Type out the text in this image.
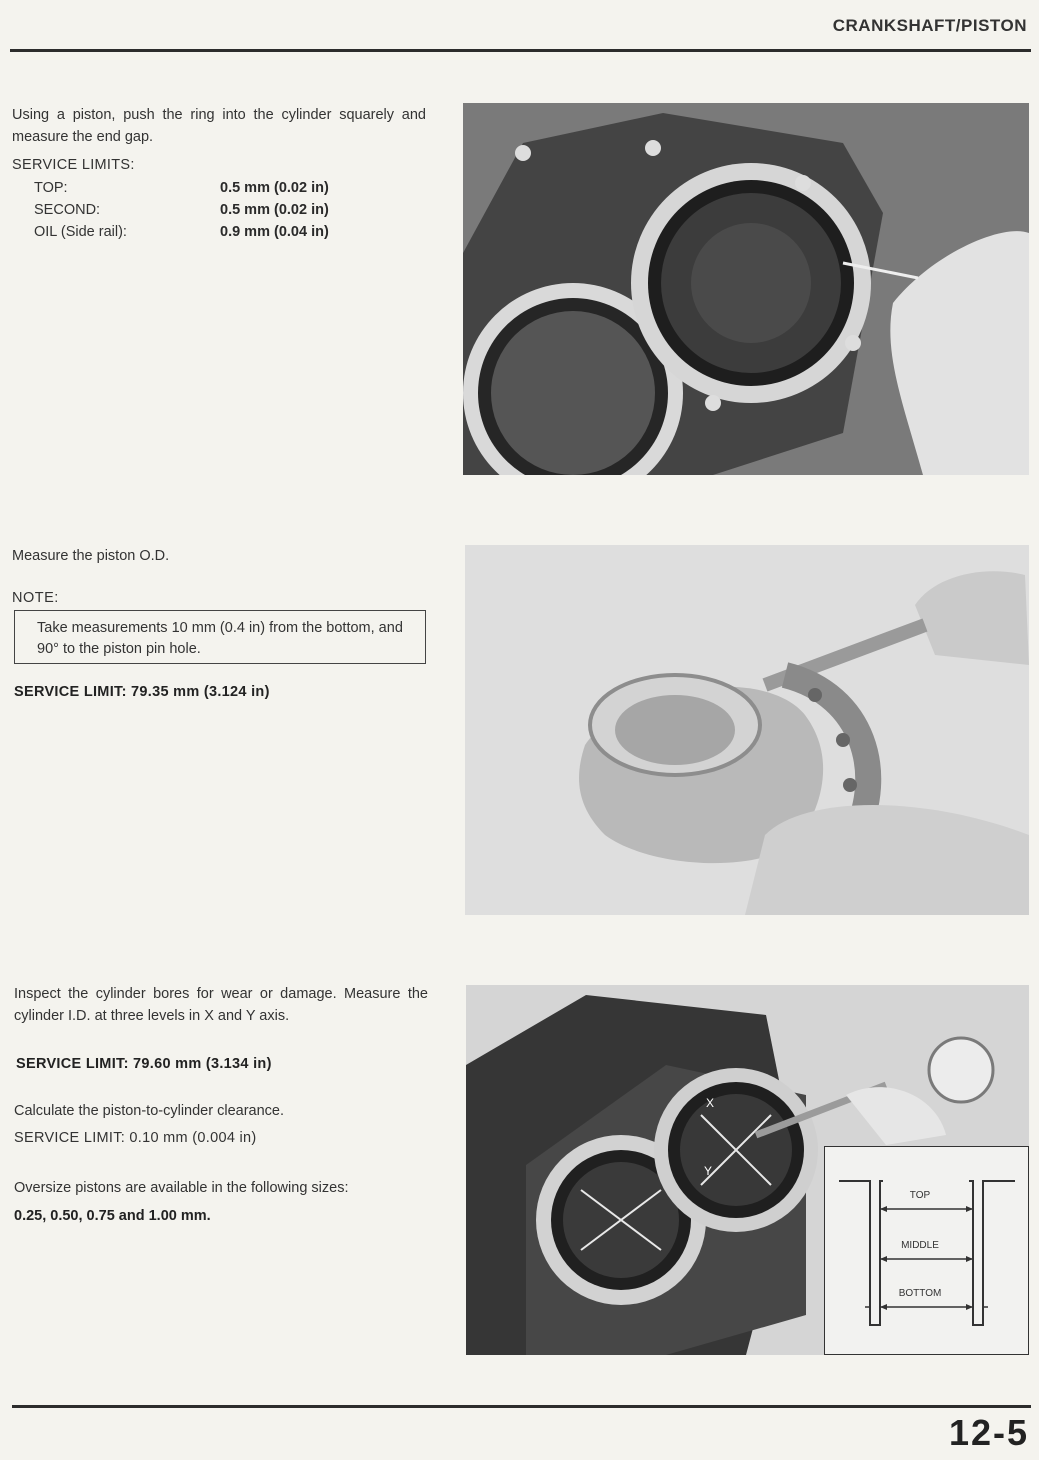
CRANKSHAFT/PISTON
Using a piston, push the ring into the cylinder squarely and measure the end gap.
SERVICE LIMITS:
TOP:	0.5 mm (0.02 in)
SECOND:	0.5 mm (0.02 in)
OIL (Side rail):	0.9 mm (0.04 in)
Measure the piston O.D.
NOTE:
Take measurements 10 mm (0.4 in) from the bottom, and 90° to the piston pin hole.
SERVICE LIMIT: 79.35 mm (3.124 in)
Inspect the cylinder bores for wear or damage. Measure the cylinder I.D. at three levels in X and Y axis.
SERVICE LIMIT: 79.60 mm (3.134 in)
Calculate the piston-to-cylinder clearance.
SERVICE LIMIT: 0.10 mm (0.004 in)
Oversize pistons are available in the following sizes:
0.25, 0.50, 0.75 and 1.00 mm.
X
Y
TOP
MIDDLE
BOTTOM
12-5
